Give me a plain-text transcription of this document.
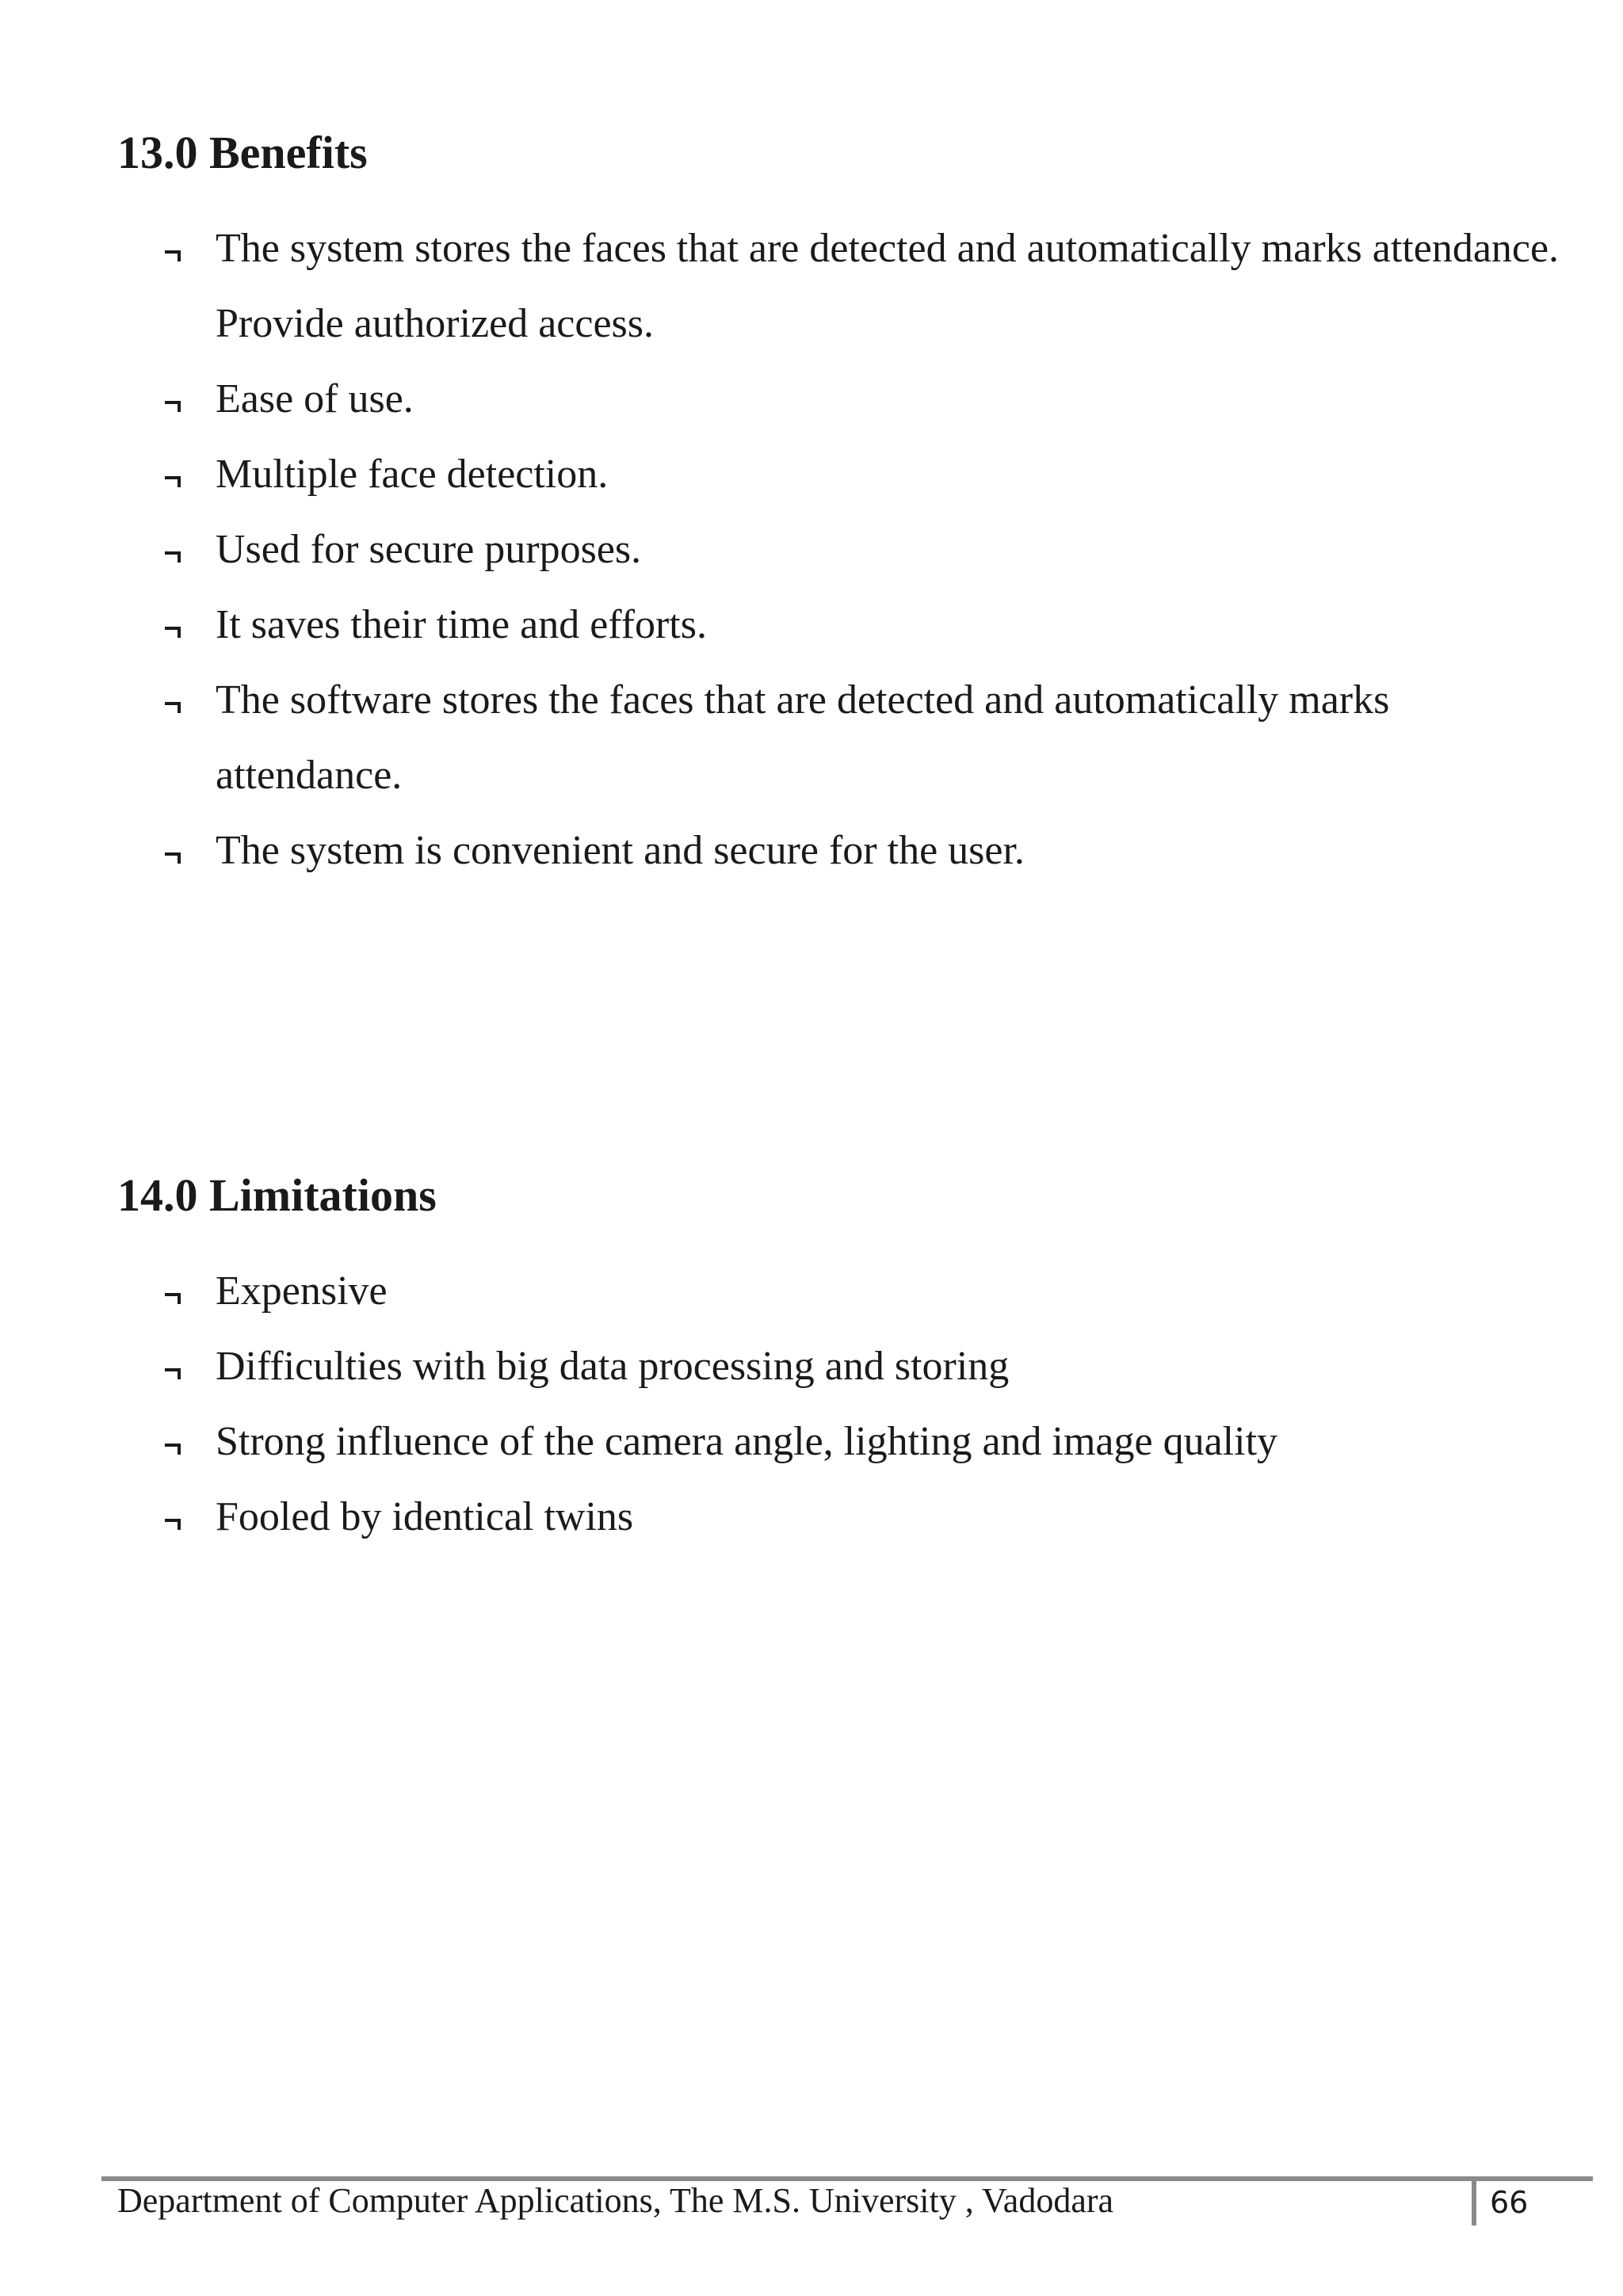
13.0 Benefits
The system stores the faces that are detected and automatically marks attendance. Provide authorized access.
Ease of use.
Multiple face detection.
Used for secure purposes.
It saves their time and efforts.
The software stores the faces that are detected and automatically marks attendance.
The system is convenient and secure for the user.
14.0 Limitations
Expensive
Difficulties with big data processing and storing
Strong influence of the camera angle, lighting and image quality
Fooled by identical twins
Department of Computer Applications, The M.S. University , Vadodara	66
